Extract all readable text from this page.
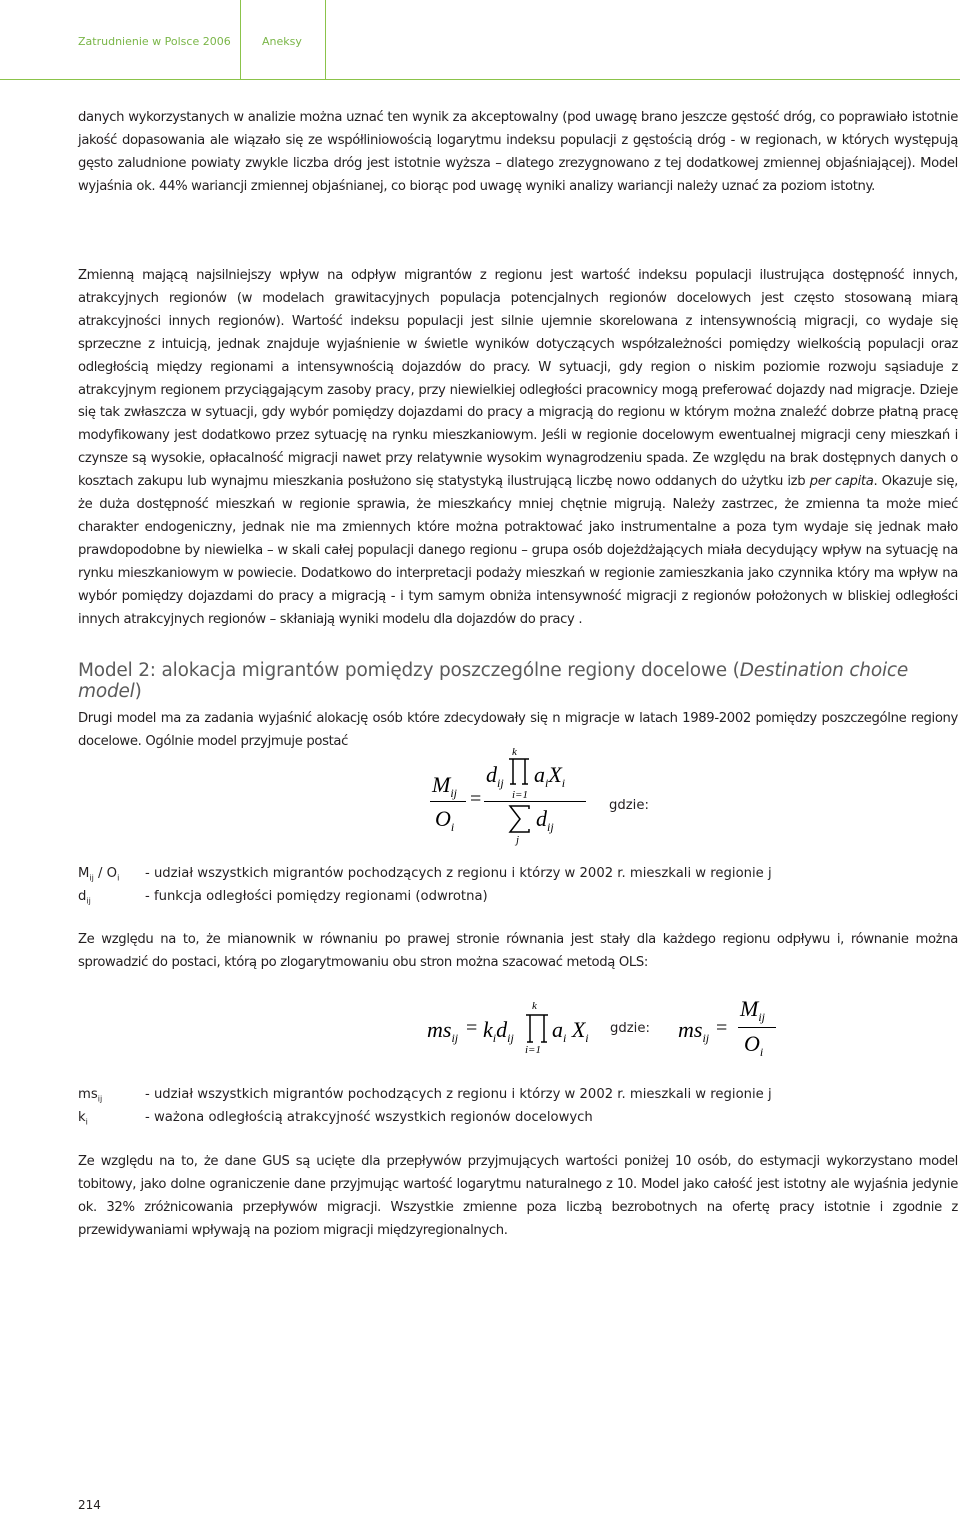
Zatrudnienie w Polsce 2006	Aneksy

danych wykorzystanych w analizie można uznać ten wynik za akceptowalny (pod uwagę brano jeszcze gęstość dróg, co poprawiało istotnie jakość dopasowania ale wiązało się ze współliniowością logarytmu indeksu populacji z gęstością dróg - w regionach, w których występują gęsto zaludnione powiaty zwykle liczba dróg jest istotnie wyższa – dlatego zrezygnowano z tej dodatkowej zmiennej objaśniającej). Model wyjaśnia ok. 44% wariancji zmiennej objaśnianej, co biorąc pod uwagę wyniki analizy wariancji należy uznać za poziom istotny.

Zmienną mającą najsilniejszy wpływ na odpływ migrantów z regionu jest wartość indeksu populacji ilustrująca dostępność innych, atrakcyjnych regionów (w modelach grawitacyjnych populacja potencjalnych regionów docelowych jest często stosowaną miarą atrakcyjności innych regionów). Wartość indeksu populacji jest silnie ujemnie skorelowana z intensywnością migracji, co wydaje się sprzeczne z intuicją, jednak znajduje wyjaśnienie w świetle wyników dotyczących współzależności pomiędzy wielkością populacji oraz odległością między regionami a intensywnością dojazdów do pracy. W sytuacji, gdy region o niskim poziomie rozwoju sąsiaduje z atrakcyjnym regionem przyciągającym zasoby pracy, przy niewielkiej odległości pracownicy mogą preferować dojazdy nad migracje. Dzieje się tak zwłaszcza w sytuacji, gdy wybór pomiędzy dojazdami do pracy a migracją do regionu w którym można znaleźć dobrze płatną pracę modyfikowany jest dodatkowo przez sytuację na rynku mieszkaniowym. Jeśli w regionie docelowym ewentualnej migracji ceny mieszkań i czynsze są wysokie, opłacalność migracji nawet przy relatywnie wysokim wynagrodzeniu spada. Ze względu na brak dostępnych danych o kosztach zakupu lub wynajmu mieszkania posłużono się statystyką ilustrującą liczbę nowo oddanych do użytku izb per capita. Okazuje się, że duża dostępność mieszkań w regionie sprawia, że mieszkańcy mniej chętnie migrują. Należy zastrzec, że zmienna ta może mieć charakter endogeniczny, jednak nie ma zmiennych które można potraktować jako instrumentalne a poza tym wydaje się jednak mało prawdopodobne by niewielka – w skali całej populacji danego regionu – grupa osób dojeżdżających miała decydujący wpływ na sytuację na rynku mieszkaniowym w powiecie. Dodatkowo do interpretacji podaży mieszkań w regionie zamieszkania jako czynnika który ma wpływ na wybór pomiędzy dojazdami do pracy a migracją - i tym samym obniża intensywność migracji z regionów położonych w bliskiej odległości innych atrakcyjnych regionów – skłaniają wyniki modelu dla dojazdów do pracy .

Model 2: alokacja migrantów pomiędzy poszczególne regiony docelowe (Destination choice model)

Drugi model ma za zadania wyjaśnić alokację osób które zdecydowały się n migracje w latach 1989-2002 pomiędzy poszczególne regiony docelowe. Ogólnie model przyjmuje postać

$M_{ij}$
$O_i$
=
k
$d_{ij}$ $a_iX_i$
i=1
$d_{ij}$
j
gdzie:
$M_{ij} / O_i$ - udział wszystkich migrantów pochodzących z regionu i którzy w 2002 r. mieszkali w regionie j
$d_{ij}$	- funkcja odległości pomiędzy regionami (odwrotna)

Ze względu na to, że mianownik w równaniu po prawej stronie równania jest stały dla każdego regionu odpływu i, równanie można sprowadzić do postaci, którą po zlogarytmowaniu obu stron można szacować metodą OLS:

$ms_{ij} = k_id_{ij}$
k
i=1
$a_i$ $X_i$
gdzie: $ms_{ij}$ =
$M_{ij}$
$O_i$
$ms_{ij}$	- udział wszystkich migrantów pochodzących z regionu i którzy w 2002 r. mieszkali w regionie j
$k_i$	- ważona odległością atrakcyjność wszystkich regionów docelowych

Ze względu na to, że dane GUS są ucięte dla przepływów przyjmujących wartości poniżej 10 osób, do estymacji wykorzystano model tobitowy, jako dolne ograniczenie dane przyjmując wartość logarytmu naturalnego z 10. Model jako całość jest istotny ale wyjaśnia jedynie ok. 32% zróżnicowania przepływów migracji. Wszystkie zmienne poza liczbą bezrobotnych na ofertę pracy istotnie i zgodnie z przewidywaniami wpływają na poziom migracji międzyregionalnych.

214
